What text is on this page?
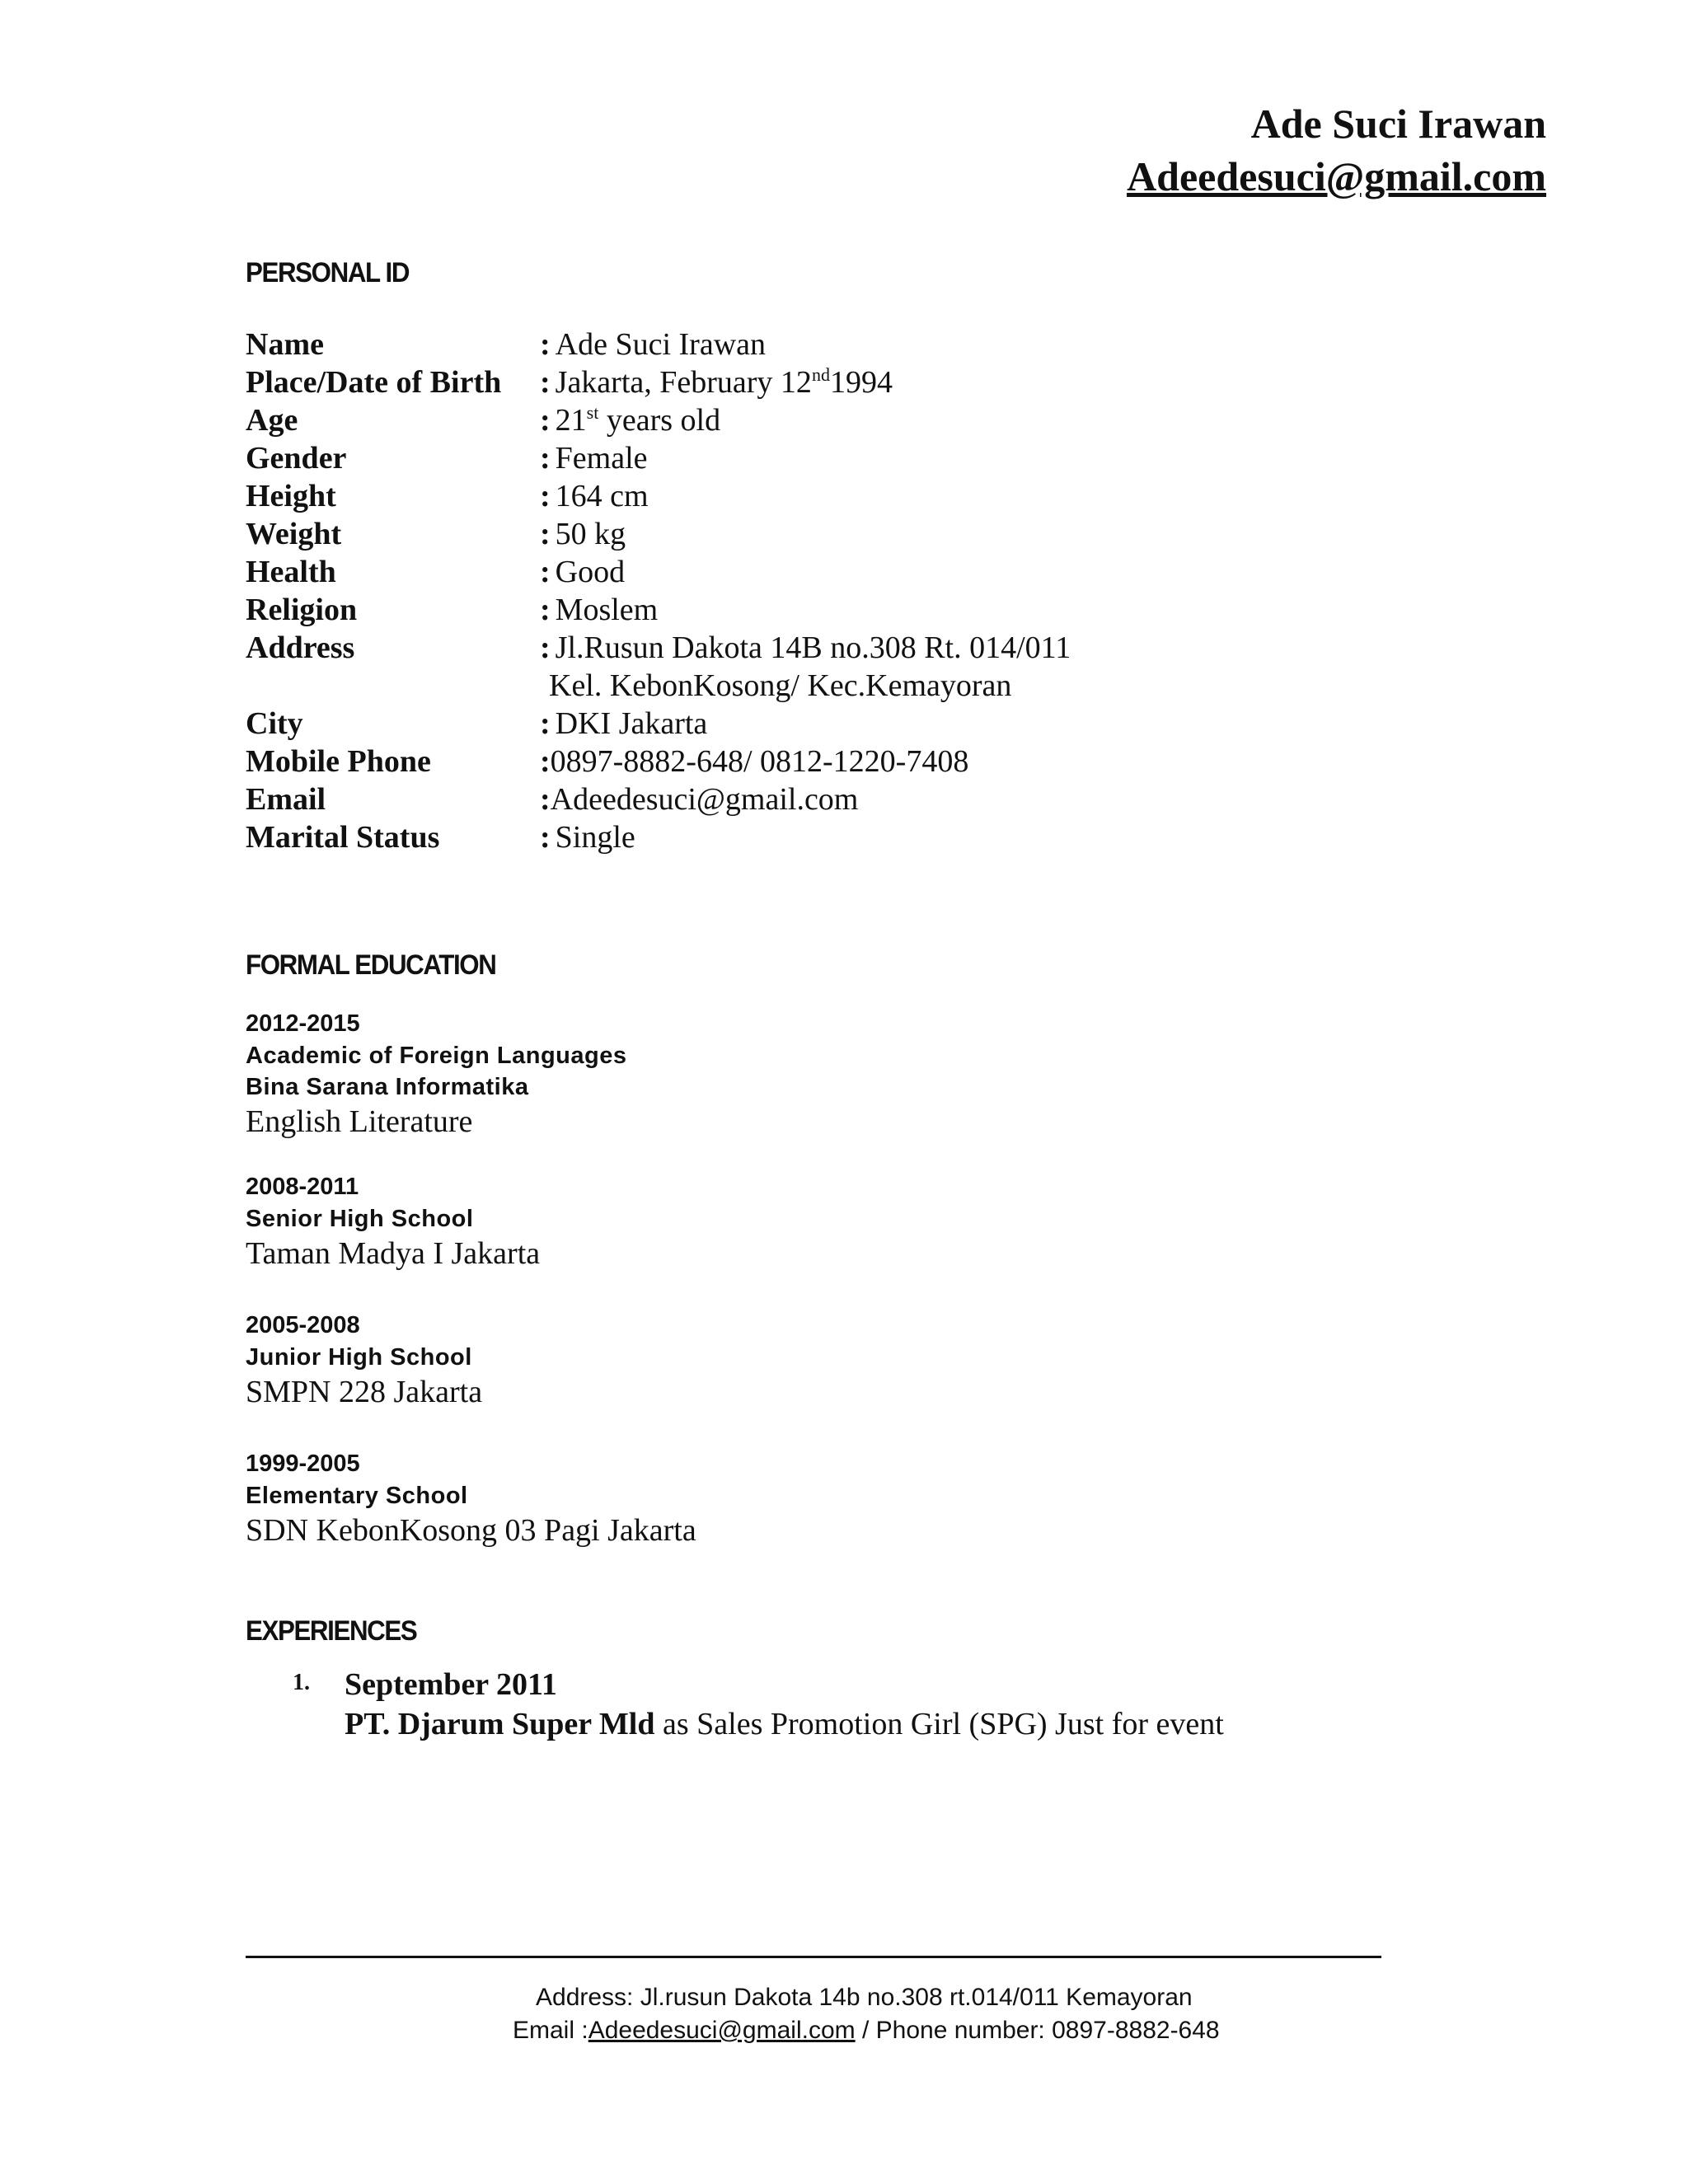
Ade Suci Irawan
Adeedesuci@gmail.com
PERSONAL ID
Name	: Ade Suci Irawan
Place/Date of Birth	: Jakarta, February 12nd1994
Age	: 21st years old
Gender	: Female
Height	: 164 cm
Weight	: 50 kg
Health	: Good
Religion	: Moslem
Address	: Jl.Rusun Dakota 14B no.308 Rt. 014/011
Kel. KebonKosong/ Kec.Kemayoran
City	: DKI Jakarta
Mobile Phone	: 0897-8882-648/ 0812-1220-7408
Email	: Adeedesuci@gmail.com
Marital Status	: Single
FORMAL EDUCATION
2012-2015
Academic of Foreign Languages
Bina Sarana Informatika
English Literature
2008-2011
Senior High School
Taman Madya I Jakarta
2005-2008
Junior High School
SMPN 228 Jakarta
1999-2005
Elementary School
SDN KebonKosong 03 Pagi Jakarta
EXPERIENCES
1. September 2011
PT. Djarum Super Mld as Sales Promotion Girl (SPG) Just for event
Address: Jl.rusun Dakota 14b no.308 rt.014/011 Kemayoran
Email :Adeedesuci@gmail.com / Phone number: 0897-8882-648
